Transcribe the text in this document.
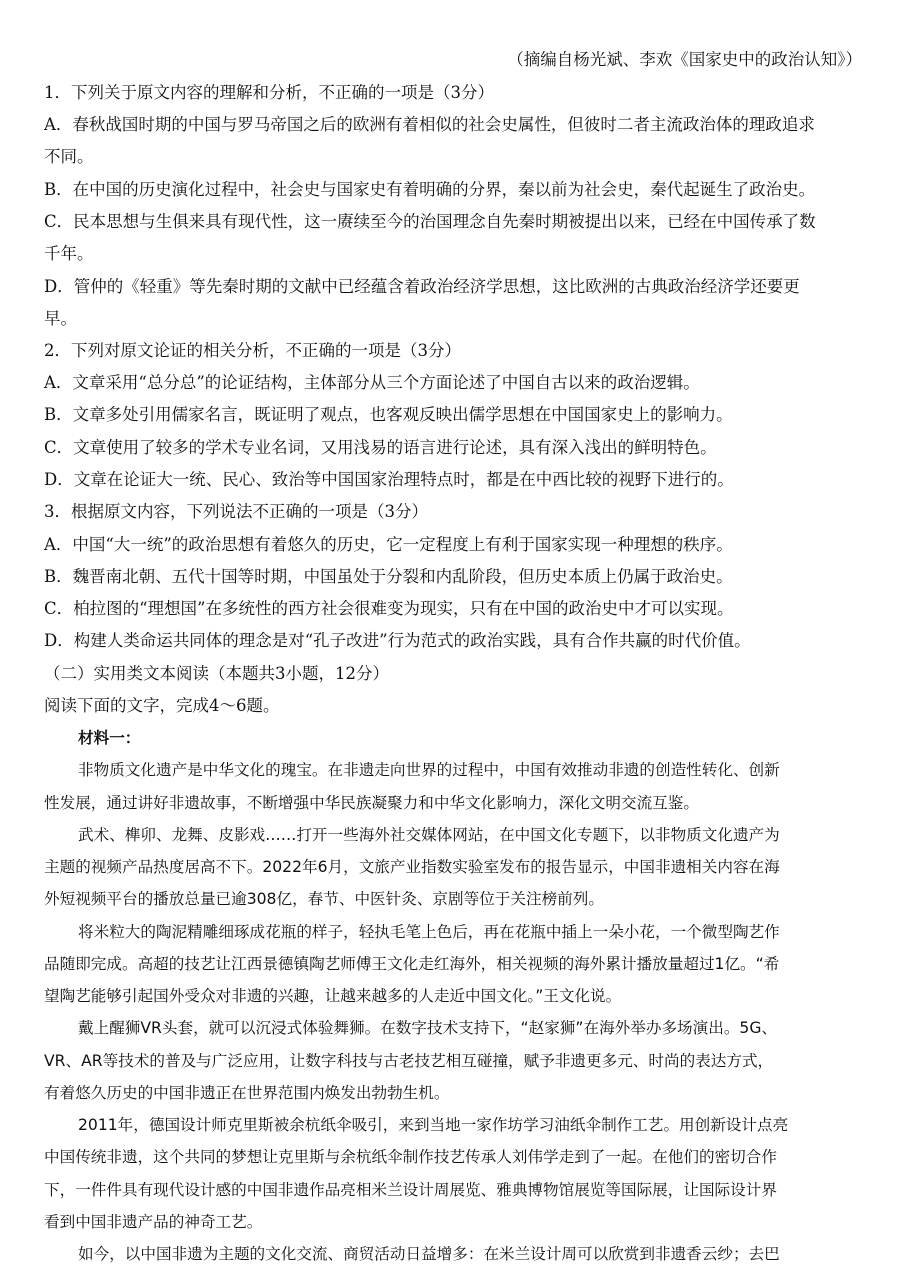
（摘编自杨光斌、李欢《国家史中的政治认知》）
1．下列关于原文内容的理解和分析，不正确的一项是（3分）
A．春秋战国时期的中国与罗马帝国之后的欧洲有着相似的社会史属性，但彼时二者主流政治体的理政追求
不同。
B．在中国的历史演化过程中，社会史与国家史有着明确的分界，秦以前为社会史，秦代起诞生了政治史。
C．民本思想与生俱来具有现代性，这一赓续至今的治国理念自先秦时期被提出以来，已经在中国传承了数
千年。
D．管仲的《轻重》等先秦时期的文献中已经蕴含着政治经济学思想，这比欧洲的古典政治经济学还要更
早。
2．下列对原文论证的相关分析，不正确的一项是（3分）
A．文章采用“总分总”的论证结构，主体部分从三个方面论述了中国自古以来的政治逻辑。
B．文章多处引用儒家名言，既证明了观点，也客观反映出儒学思想在中国国家史上的影响力。
C．文章使用了较多的学术专业名词，又用浅易的语言进行论述，具有深入浅出的鲜明特色。
D．文章在论证大一统、民心、致治等中国国家治理特点时，都是在中西比较的视野下进行的。
3．根据原文内容，下列说法不正确的一项是（3分）
A．中国“大一统”的政治思想有着悠久的历史，它一定程度上有利于国家实现一种理想的秩序。
B．魏晋南北朝、五代十国等时期，中国虽处于分裂和内乱阶段，但历史本质上仍属于政治史。
C．柏拉图的“理想国”在多统性的西方社会很难变为现实，只有在中国的政治史中才可以实现。
D．构建人类命运共同体的理念是对“孔子改进”行为范式的政治实践，具有合作共赢的时代价值。
（二）实用类文本阅读（本题共3小题，12分）
阅读下面的文字，完成4～6题。
材料一：
非物质文化遗产是中华文化的瑰宝。在非遗走向世界的过程中，中国有效推动非遗的创造性转化、创新
性发展，通过讲好非遗故事，不断增强中华民族凝聚力和中华文化影响力，深化文明交流互鉴。
武术、榫卯、龙舞、皮影戏……打开一些海外社交媒体网站，在中国文化专题下，以非物质文化遗产为
主题的视频产品热度居高不下。2022年6月，文旅产业指数实验室发布的报告显示，中国非遗相关内容在海
外短视频平台的播放总量已逾308亿，春节、中医针灸、京剧等位于关注榜前列。
将米粒大的陶泥精雕细琢成花瓶的样子，轻执毛笔上色后，再在花瓶中插上一朵小花，一个微型陶艺作
品随即完成。高超的技艺让江西景德镇陶艺师傅王文化走红海外，相关视频的海外累计播放量超过1亿。“希
望陶艺能够引起国外受众对非遗的兴趣，让越来越多的人走近中国文化。”王文化说。
戴上醒狮VR头套，就可以沉浸式体验舞狮。在数字技术支持下，“赵家狮”在海外举办多场演出。5G、
VR、AR等技术的普及与广泛应用，让数字科技与古老技艺相互碰撞，赋予非遗更多元、时尚的表达方式，
有着悠久历史的中国非遗正在世界范围内焕发出勃勃生机。
2011年，德国设计师克里斯被余杭纸伞吸引，来到当地一家作坊学习油纸伞制作工艺。用创新设计点亮
中国传统非遗，这个共同的梦想让克里斯与余杭纸伞制作技艺传承人刘伟学走到了一起。在他们的密切合作
下，一件件具有现代设计感的中国非遗作品亮相米兰设计周展览、雅典博物馆展览等国际展，让国际设计界
看到中国非遗产品的神奇工艺。
如今，以中国非遗为主题的文化交流、商贸活动日益增多：在米兰设计周可以欣赏到非遗香云纱；去巴
